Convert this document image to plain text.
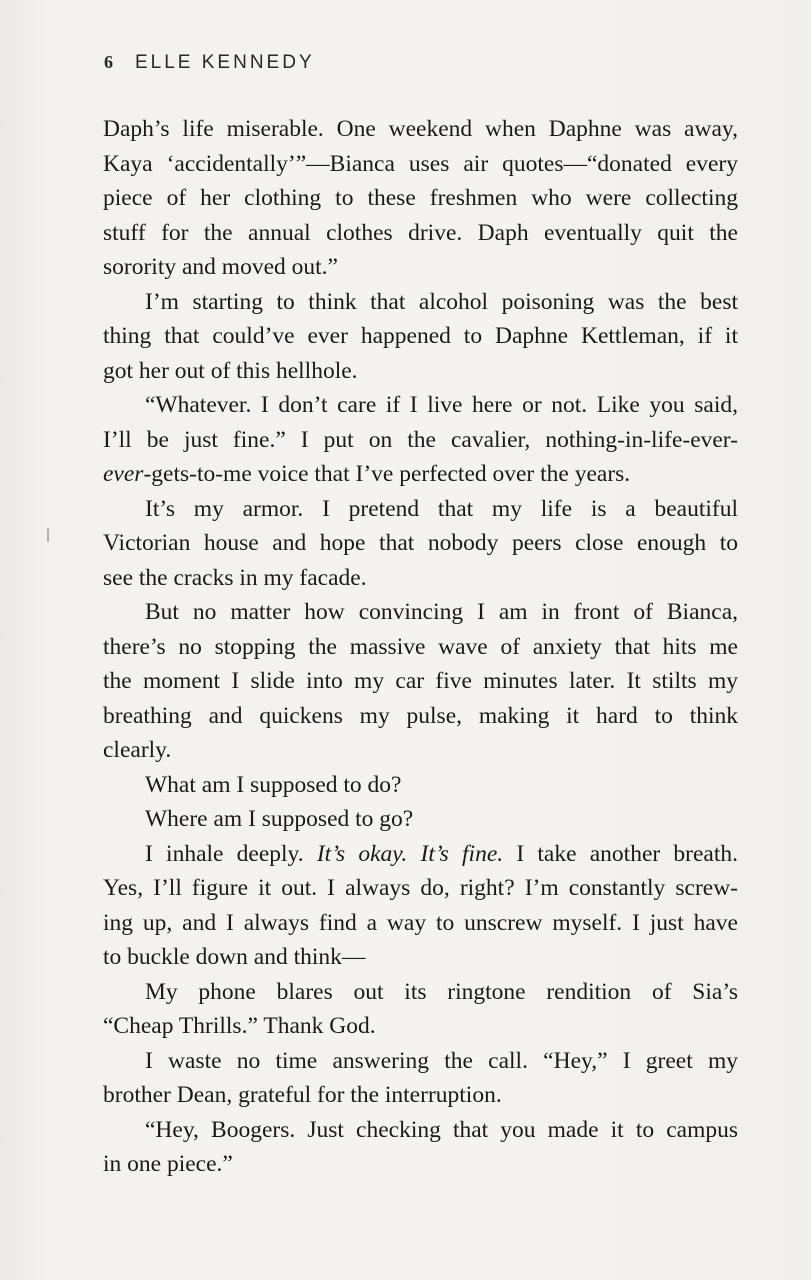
6 ELLE KENNEDY
Daph’s life miserable. One weekend when Daphne was away,
Kaya ‘accidentally’”—Bianca uses air quotes—“donated every
piece of her clothing to these freshmen who were collecting
stuff for the annual clothes drive. Daph eventually quit the
sorority and moved out.”
I’m starting to think that alcohol poisoning was the best
thing that could’ve ever happened to Daphne Kettleman, if it
got her out of this hellhole.
“Whatever. I don’t care if I live here or not. Like you said,
I’ll be just fine.” I put on the cavalier, nothing-in-life-ever-
ever-gets-to-me voice that I’ve perfected over the years.
It’s my armor. I pretend that my life is a beautiful
Victorian house and hope that nobody peers close enough to
see the cracks in my facade.
But no matter how convincing I am in front of Bianca,
there’s no stopping the massive wave of anxiety that hits me
the moment I slide into my car five minutes later. It stilts my
breathing and quickens my pulse, making it hard to think
clearly.
What am I supposed to do?
Where am I supposed to go?
I inhale deeply. It’s okay. It’s fine. I take another breath.
Yes, I’ll figure it out. I always do, right? I’m constantly screw-
ing up, and I always find a way to unscrew myself. I just have
to buckle down and think—
My phone blares out its ringtone rendition of Sia’s
“Cheap Thrills.” Thank God.
I waste no time answering the call. “Hey,” I greet my
brother Dean, grateful for the interruption.
“Hey, Boogers. Just checking that you made it to campus
in one piece.”
